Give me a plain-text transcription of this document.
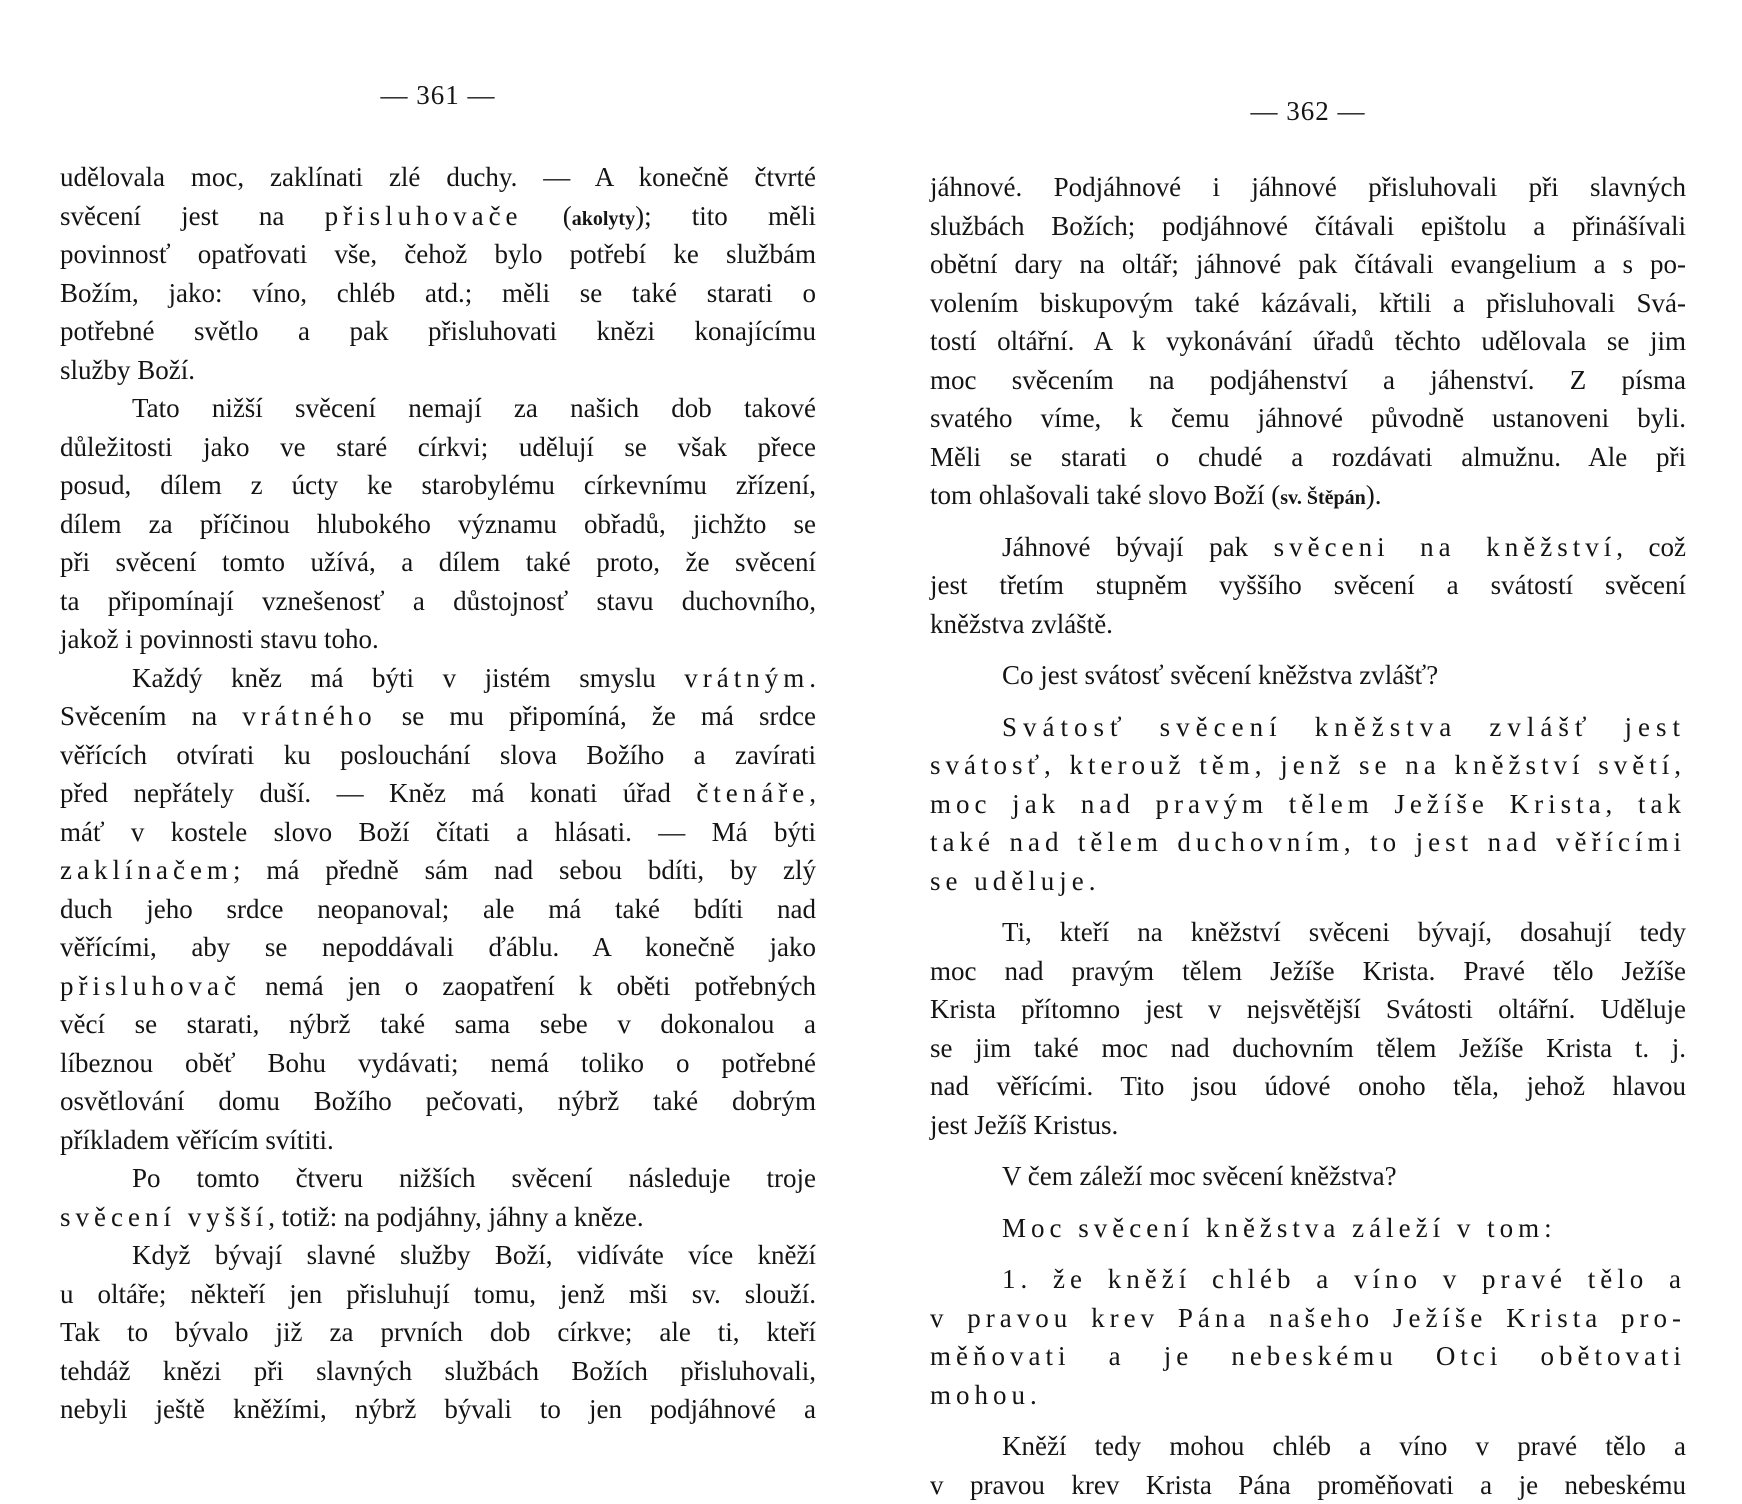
— 361 —
udělovala moc, zaklínati zlé duchy. — A konečně čtvrté
svěcení jest na přisluhovače (akolyty); tito měli
povinnosť opatřovati vše, čehož bylo potřebí ke službám
Božím, jako: víno, chléb atd.; měli se také starati o
potřebné světlo a pak přisluhovati knězi konajícímu
služby Boží.
Tato nižší svěcení nemají za našich dob takové
důležitosti jako ve staré církvi; udělují se však přece
posud, dílem z úcty ke starobylému církevnímu zřízení,
dílem za příčinou hlubokého významu obřadů, jichžto se
při svěcení tomto užívá, a dílem také proto, že svěcení
ta připomínají vznešenosť a důstojnosť stavu duchovního,
jakož i povinnosti stavu toho.
Každý kněz má býti v jistém smyslu vrátným.
Svěcením na vrátného se mu připomíná, že má srdce
věřících otvírati ku poslouchání slova Božího a zavírati
před nepřátely duší. — Kněz má konati úřad čtenáře,
máť v kostele slovo Boží čítati a hlásati. — Má býti
zaklínačem; má předně sám nad sebou bdíti, by zlý
duch jeho srdce neopanoval; ale má také bdíti nad
věřícími, aby se nepoddávali ďáblu. A konečně jako
přisluhovač nemá jen o zaopatření k oběti potřebných
věcí se starati, nýbrž také sama sebe v dokonalou a
líbeznou oběť Bohu vydávati; nemá toliko o potřebné
osvětlování domu Božího pečovati, nýbrž také dobrým
příkladem věřícím svítiti.
Po tomto čtveru nižších svěcení následuje troje
svěcení vyšší, totiž: na podjáhny, jáhny a kněze.
Když bývají slavné služby Boží, vidíváte více kněží
u oltáře; někteří jen přisluhují tomu, jenž mši sv. slouží.
Tak to bývalo již za prvních dob církve; ale ti, kteří
tehdáž knězi při slavných službách Božích přisluhovali,
nebyli ještě kněžími, nýbrž bývali to jen podjáhnové a
— 362 —
jáhnové. Podjáhnové i jáhnové přisluhovali při slavných
službách Božích; podjáhnové čítávali epištolu a přinášívali
obětní dary na oltář; jáhnové pak čítávali evangelium a s po-
volením biskupovým také kázávali, křtili a přisluhovali Svá-
tostí oltářní. A k vykonávání úřadů těchto udělovala se jim
moc svěcením na podjáhenství a jáhenství. Z písma
svatého víme, k čemu jáhnové původně ustanoveni byli.
Měli se starati o chudé a rozdávati almužnu. Ale při
tom ohlašovali také slovo Boží (sv. Štěpán).
Jáhnové bývají pak svěceni na kněžství, což
jest třetím stupněm vyššího svěcení a svátostí svěcení
kněžstva zvláště.
Co jest svátosť svěcení kněžstva zvlášť?
Svátosť svěcení kněžstva zvlášť jest
svátosť, kterouž těm, jenž se na kněžství světí,
moc jak nad pravým tělem Ježíše Krista, tak
také nad tělem duchovním, to jest nad věřícími
se uděluje.
Ti, kteří na kněžství svěceni bývají, dosahují tedy
moc nad pravým tělem Ježíše Krista. Pravé tělo Ježíše
Krista přítomno jest v nejsvětější Svátosti oltářní. Uděluje
se jim také moc nad duchovním tělem Ježíše Krista t. j.
nad věřícími. Tito jsou údové onoho těla, jehož hlavou
jest Ježíš Kristus.
V čem záleží moc svěcení kněžstva?
Moc svěcení kněžstva záleží v tom:
1. že kněží chléb a víno v pravé tělo a
v pravou krev Pána našeho Ježíše Krista pro-
měňovati a je nebeskému Otci obětovati
mohou.
Kněží tedy mohou chléb a víno v pravé tělo a
v pravou krev Krista Pána proměňovati a je nebeskému
